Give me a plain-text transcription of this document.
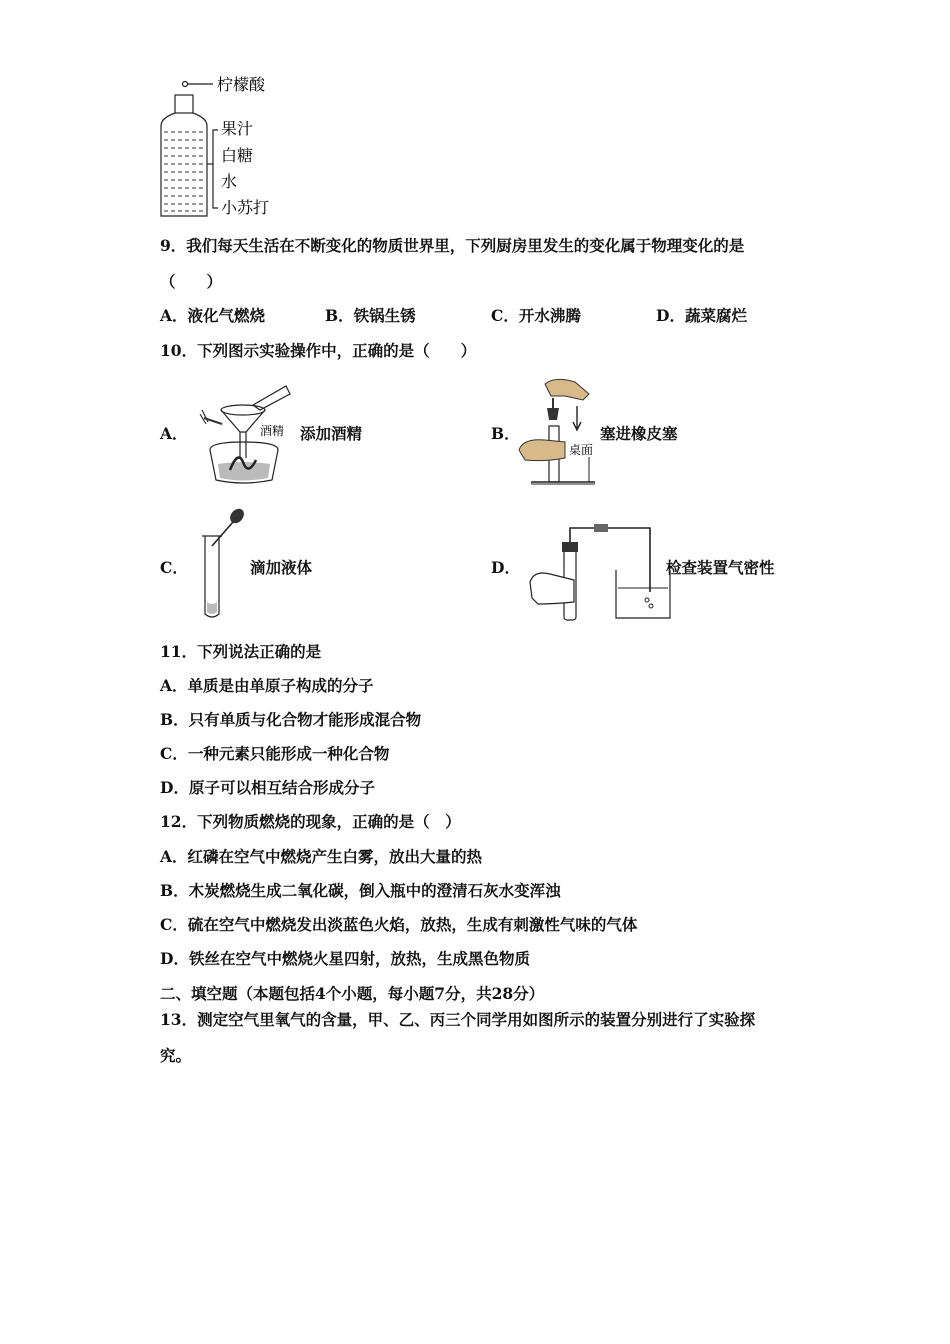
柠檬酸
果汁
白糖
水
小苏打
9．我们每天生活在不断变化的物质世界里，下列厨房里发生的变化属于物理变化的是
（　　）
A．液化气燃烧	B．铁锅生锈	C．开水沸腾	D．蔬菜腐烂
10．下列图示实验操作中，正确的是（　　）
A．	酒精 添加酒精	B．
桌面
塞进橡皮塞
C．	滴加液体	D．	检查装置气密性
11．下列说法正确的是
A．单质是由单原子构成的分子
B．只有单质与化合物才能形成混合物
C．一种元素只能形成一种化合物
D．原子可以相互结合形成分子
12．下列物质燃烧的现象，正确的是（　）
A．红磷在空气中燃烧产生白雾，放出大量的热
B．木炭燃烧生成二氧化碳，倒入瓶中的澄清石灰水变浑浊
C．硫在空气中燃烧发出淡蓝色火焰，放热，生成有刺激性气味的气体
D．铁丝在空气中燃烧火星四射，放热，生成黑色物质
二、填空题（本题包括4个小题，每小题7分，共28分）
13．测定空气里氧气的含量，甲、乙、丙三个同学用如图所示的装置分别进行了实验探
究。
